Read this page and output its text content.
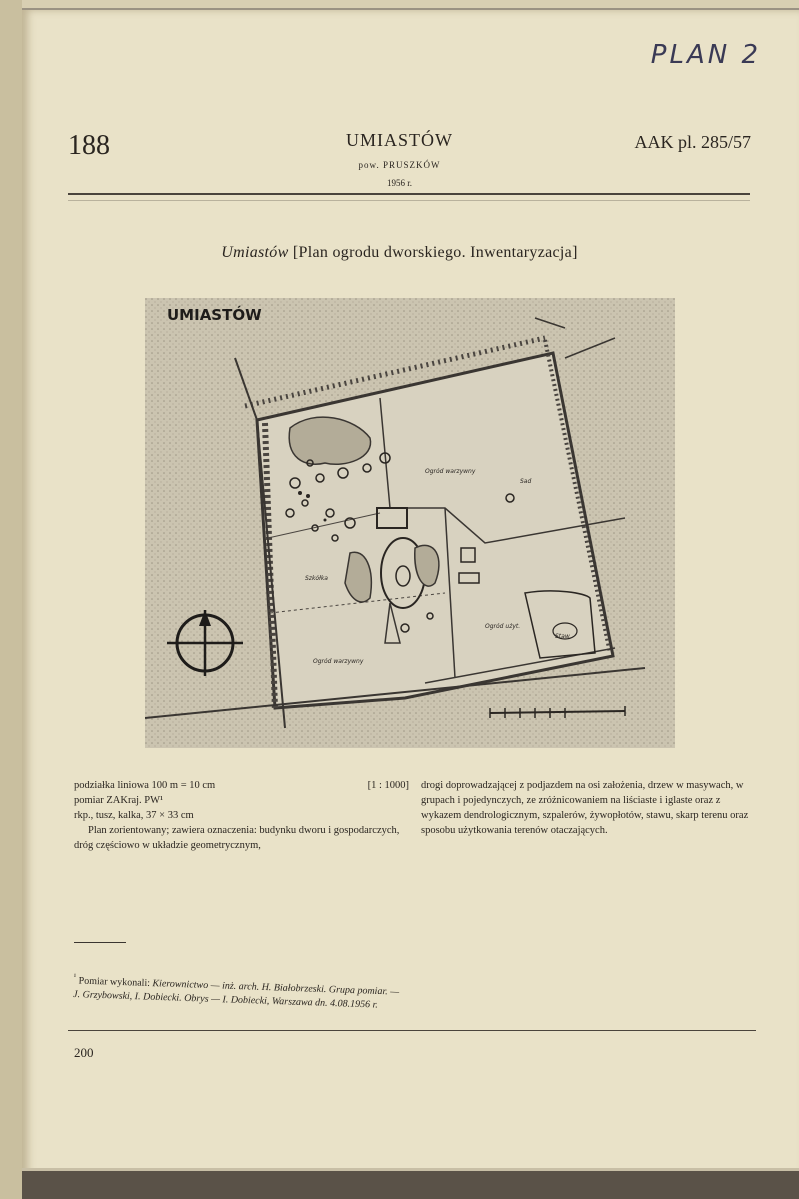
PLAN 2
188	UMIASTÓW
pow. PRUSZKÓW
1956 r.
AAK pl. 285/57
Umiastów [Plan ogrodu dworskiego. Inwentaryzacja]
Ogród warzywny
Sad
Szkółka
Ogród warzywny
Ogród użyt.
Staw
UMIASTÓW
podziałka liniowa 100 m = 10 cm	[1 : 1000]
pomiar ZAKraj. PW¹
rkp., tusz, kalka, 37 × 33 cm
Plan zorientowany; zawiera oznaczenia: budynku dworu i gospodarczych, dróg częściowo w układzie geometrycznym,
drogi doprowadzającej z podjazdem na osi założenia, drzew w masywach, w grupach i pojedynczych, ze zróżnicowaniem na liściaste i iglaste oraz z wykazem dendrologicznym, szpalerów, żywopłotów, stawu, skarp terenu oraz sposobu użytkowania terenów otaczających.
$^{^1}$ Pomiar wykonali: Kierownictwo — inż. arch. H. Białobrzeski. Grupa pomiar. — J. Grzybowski, I. Dobiecki. Obrys — I. Dobiecki, Warszawa dn. 4.08.1956 r.
200
